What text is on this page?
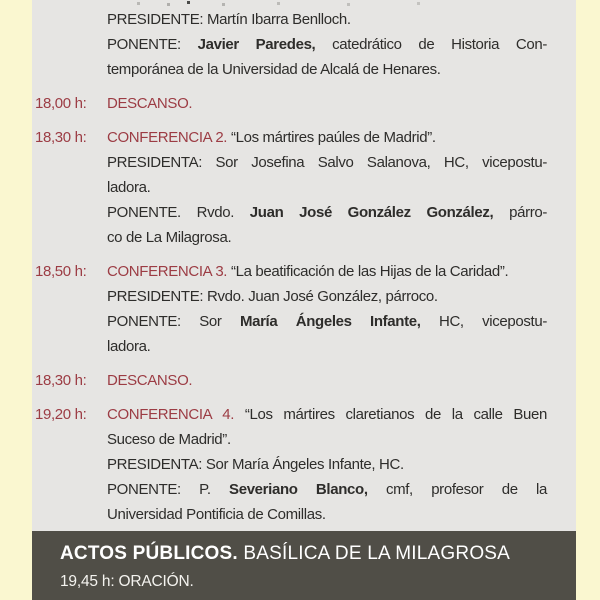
PRESIDENTE: Martín Ibarra Benlloch.
PONENTE: Javier Paredes, catedrático de Historia Con-
temporánea de la Universidad de Alcalá de Henares.
18,00 h: DESCANSO.
18,30 h: CONFERENCIA 2. “Los mártires paúles de Madrid”.
PRESIDENTA: Sor Josefina Salvo Salanova, HC, vicepostu-
ladora.
PONENTE. Rvdo. Juan José González González, párro-
co de La Milagrosa.
18,50 h: CONFERENCIA 3. “La beatificación de las Hijas de la Caridad”.
PRESIDENTE: Rvdo. Juan José González, párroco.
PONENTE: Sor María Ángeles Infante, HC, vicepostu-
ladora.
18,30 h: DESCANSO.
19,20 h: CONFERENCIA 4. “Los mártires claretianos de la calle Buen
Suceso de Madrid”.
PRESIDENTA: Sor María Ángeles Infante, HC.
PONENTE: P. Severiano Blanco, cmf, profesor de la
Universidad Pontificia de Comillas.
ACTOS PÚBLICOS. BASÍLICA DE LA MILAGROSA
19,45 h: ORACIÓN.
